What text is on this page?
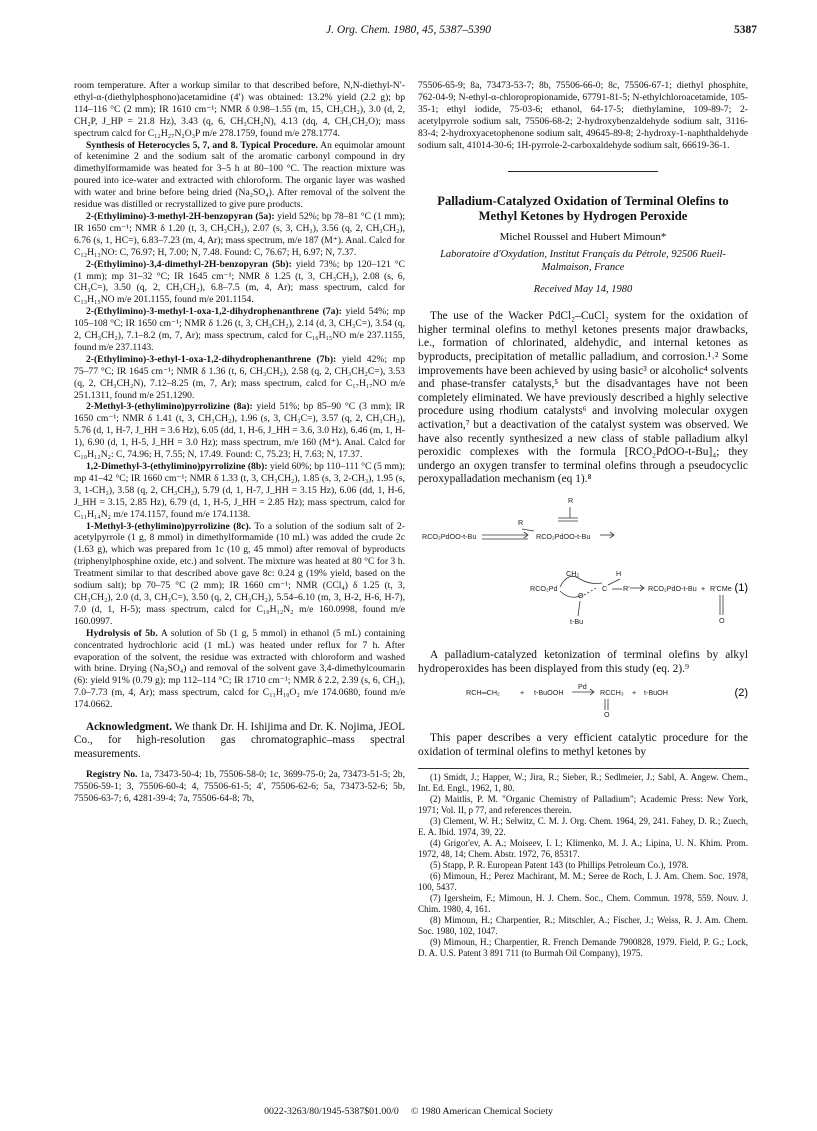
J. Org. Chem. 1980, 45, 5387–5390	5387

room temperature. After a workup similar to that described before, N,N-diethyl-N′-ethyl-α-(diethylphosphono)acetamidine (4′) was obtained: 13.2% yield (2.2 g); bp 114–116 °C (2 mm); IR 1610 cm⁻¹; NMR δ 0.98–1.55 (m, 15, CH₃CH₂), 3.0 (d, 2, CH₂P, J_HP = 21.8 Hz), 3.43 (q, 6, CH₃CH₂N), 4.13 (dq, 4, CH₃CH₂O); mass spectrum calcd for C₁₂H₂₇N₂O₃P m/e 278.1759, found m/e 278.1774.

Synthesis of Heterocycles 5, 7, and 8. Typical Procedure. An equimolar amount of ketenimine 2 and the sodium salt of the aromatic carbonyl compound in dry dimethylformamide was heated for 3–5 h at 80–100 °C. The reaction mixture was poured into ice-water and extracted with chloroform. The organic layer was washed with water and brine before being dried (Na₂SO₄). After removal of the solvent the residue was distilled or recrystallized to give pure products.

2-(Ethylimino)-3-methyl-2H-benzopyran (5a): yield 52%; bp 78–81 °C (1 mm); IR 1650 cm⁻¹; NMR δ 1.20 (t, 3, CH₃CH₂), 2.07 (s, 3, CH₃), 3.56 (q, 2, CH₃CH₂), 6.76 (s, 1, HC=), 6.83–7.23 (m, 4, Ar); mass spectrum, m/e 187 (M⁺). Anal. Calcd for C₁₂H₁₃NO: C, 76.97; H, 7.00; N, 7.48. Found: C, 76.67; H, 6.97; N, 7.37.

2-(Ethylimino)-3,4-dimethyl-2H-benzopyran (5b): yield 73%; bp 120–121 °C (1 mm); mp 31–32 °C; IR 1645 cm⁻¹; NMR δ 1.25 (t, 3, CH₃CH₂), 2.08 (s, 6, CH₃C=), 3.50 (q, 2, CH₃CH₂), 6.8–7.5 (m, 4, Ar); mass spectrum, calcd for C₁₃H₁₅NO m/e 201.1155, found m/e 201.1154.

2-(Ethylimino)-3-methyl-1-oxa-1,2-dihydrophenanthrene (7a): yield 54%; mp 105–108 °C; IR 1650 cm⁻¹; NMR δ 1.26 (t, 3, CH₃CH₂), 2.14 (d, 3, CH₃C=), 3.54 (q, 2, CH₃CH₂), 7.1–8.2 (m, 7, Ar); mass spectrum, calcd for C₁₆H₁₅NO m/e 237.1155, found m/e 237.1143.

2-(Ethylimino)-3-ethyl-1-oxa-1,2-dihydrophenanthrene (7b): yield 42%; mp 75–77 °C; IR 1645 cm⁻¹; NMR δ 1.36 (t, 6, CH₃CH₂), 2.58 (q, 2, CH₃CH₂C=), 3.53 (q, 2, CH₃CH₂N), 7.12–8.25 (m, 7, Ar); mass spectrum, calcd for C₁₇H₁₇NO m/e 251.1311, found m/e 251.1290.

2-Methyl-3-(ethylimino)pyrrolizine (8a): yield 51%; bp 85–90 °C (3 mm); IR 1650 cm⁻¹; NMR δ 1.41 (t, 3, CH₃CH₂), 1.96 (s, 3, CH₃C=), 3.57 (q, 2, CH₃CH₂), 5.76 (d, 1, H-7, J_HH = 3.6 Hz), 6.05 (dd, 1, H-6, J_HH = 3.6, 3.0 Hz), 6.46 (m, 1, H-1), 6.90 (d, 1, H-5, J_HH = 3.0 Hz); mass spectrum, m/e 160 (M⁺). Anal. Calcd for C₁₀H₁₂N₂: C, 74.96; H, 7.55; N, 17.49. Found: C, 75.23; H, 7.63; N, 17.37.

1,2-Dimethyl-3-(ethylimino)pyrrolizine (8b): yield 60%; bp 110–111 °C (5 mm); mp 41–42 °C; IR 1660 cm⁻¹; NMR δ 1.33 (t, 3, CH₃CH₂), 1.85 (s, 3, 2-CH₃), 1.95 (s, 3, 1-CH₃), 3.58 (q, 2, CH₃CH₂), 5.79 (d, 1, H-7, J_HH = 3.15 Hz), 6.06 (dd, 1, H-6, J_HH = 3.15, 2.85 Hz), 6.79 (d, 1, H-5, J_HH = 2.85 Hz); mass spectrum, calcd for C₁₁H₁₄N₂ m/e 174.1157, found m/e 174.1138.

1-Methyl-3-(ethylimino)pyrrolizine (8c). To a solution of the sodium salt of 2-acetylpyrrole (1 g, 8 mmol) in dimethylformamide (10 mL) was added the crude 2c (1.63 g), which was prepared from 1c (10 g, 45 mmol) after removal of byproducts (triphenylphosphine oxide, etc.) and solvent. The mixture was heated at 80 °C for 3 h. Treatment similar to that described above gave 8c: 0.24 g (19% yield, based on the sodium salt); bp 70–75 °C (2 mm); IR 1660 cm⁻¹; NMR (CCl₄) δ 1.25 (t, 3, CH₃CH₂), 2.0 (d, 3, CH₃C=), 3.50 (q, 2, CH₃CH₂), 5.54–6.10 (m, 3, H-2, H-6, H-7), 7.0 (d, 1, H-5); mass spectrum, calcd for C₁₀H₁₂N₂ m/e 160.0998, found m/e 160.0997.

Hydrolysis of 5b. A solution of 5b (1 g, 5 mmol) in ethanol (5 mL) containing concentrated hydrochloric acid (1 mL) was heated under reflux for 7 h. After evaporation of the solvent, the residue was extracted with chloroform and washed with brine. Drying (Na₂SO₄) and removal of the solvent gave 3,4-dimethylcoumarin (6): yield 91% (0.79 g); mp 112–114 °C; IR 1710 cm⁻¹; NMR δ 2.2, 2.39 (s, 6, CH₃), 7.0–7.73 (m, 4, Ar); mass spectrum, calcd for C₁₁H₁₀O₂ m/e 174.0680, found m/e 174.0662.

Acknowledgment. We thank Dr. H. Ishijima and Dr. K. Nojima, JEOL Co., for high-resolution gas chromatographic–mass spectral measurements.

Registry No. 1a, 73473-50-4; 1b, 75506-58-0; 1c, 3699-75-0; 2a, 73473-51-5; 2b, 75506-59-1; 3, 75506-60-4; 4, 75506-61-5; 4′, 75506-62-6; 5a, 73473-52-6; 5b, 75506-63-7; 6, 4281-39-4; 7a, 75506-64-8; 7b,

75506-65-9; 8a, 73473-53-7; 8b, 75506-66-0; 8c, 75506-67-1; diethyl phosphite, 762-04-9; N-ethyl-α-chloropropionamide, 67791-81-5; N-ethylchloroacetamide, 105-35-1; ethyl iodide, 75-03-6; ethanol, 64-17-5; diethylamine, 109-89-7; 2-acetylpyrrole sodium salt, 75506-68-2; 2-hydroxybenzaldehyde sodium salt, 3116-83-4; 2-hydroxyacetophenone sodium salt, 49645-89-8; 2-hydroxy-1-naphthaldehyde sodium salt, 41014-30-6; 1H-pyrrole-2-carboxaldehyde sodium salt, 66619-36-1.

Palladium-Catalyzed Oxidation of Terminal Olefins to Methyl Ketones by Hydrogen Peroxide
Michel Roussel and Hubert Mimoun*
Laboratoire d'Oxydation, Institut Français du Pétrole, 92506 Rueil-Malmaison, France
Received May 14, 1980

The use of the Wacker PdCl₂–CuCl₂ system for the oxidation of higher terminal olefins to methyl ketones presents major drawbacks, i.e., formation of chlorinated, aldehydic, and internal ketones as byproducts, precipitation of metallic palladium, and corrosion.¹˒² Some improvements have been achieved by using basic³ or alcoholic⁴ solvents and phase-transfer catalysts,⁵ but the disadvantages have not been completely eliminated. We have previously described a highly selective procedure using rhodium catalysts⁶ and involving molecular oxygen activation,⁷ but a deactivation of the catalyst system was observed. We have also recently synthesized a new class of stable palladium alkyl peroxidic complexes with the formula [RCO₂PdOO-t-Bu]₄; they undergo an oxygen transfer to terminal olefins through a pseudocyclic peroxypalladation mechanism (eq 1).⁸

R
RCO₂PdOO-t-Bu
R
RCO₂PdOO-t-Bu
CH₂	H
RCO₂Pd
O
C R′
t-Bu
RCO₂PdO-t-Bu + R′CMe
O
(1)

A palladium-catalyzed ketonization of terminal olefins by alkyl hydroperoxides has been displayed from this study (eq. 2).⁹

RCH═CH₂	+ t-BuOOH
Pd
RCCH₃
O
+ t-BuOH	(2)

This paper describes a very efficient catalytic procedure for the oxidation of terminal olefins to methyl ketones by

(1) Smidt, J.; Happer, W.; Jira, R.; Sieber, R.; Sedlmeier, J.; Sabl, A. Angew. Chem., Int. Ed. Engl., 1962, 1, 80.

(2) Maitlis, P. M. "Organic Chemistry of Palladium"; Academic Press: New York, 1971; Vol. II, p 77, and references therein.

(3) Clement, W. H.; Selwitz, C. M. J. Org. Chem. 1964, 29, 241. Fahey, D. R.; Zuech, E. A. Ibid. 1974, 39, 22.

(4) Grigor'ev, A. A.; Moiseev, I. I.; Klimenko, M. J. A.; Lipina, U. N. Khim. Prom. 1972, 48, 14; Chem. Abstr. 1972, 76, 85317.

(5) Stapp, P. R. European Patent 143 (to Phillips Petroleum Co.), 1978.

(6) Mimoun, H.; Perez Machirant, M. M.; Seree de Roch, I. J. Am. Chem. Soc. 1978, 100, 5437.

(7) Igersheim, F.; Mimoun, H. J. Chem. Soc., Chem. Commun. 1978, 559. Nouv. J. Chim. 1980, 4, 161.

(8) Mimoun, H.; Charpentier, R.; Mitschler, A.; Fischer, J.; Weiss, R. J. Am. Chem. Soc. 1980, 102, 1047.

(9) Mimoun, H.; Charpentier, R. French Demande 7900828, 1979. Field, P. G.; Lock, D. A. U.S. Patent 3 891 711 (to Burmah Oil Company), 1975.

0022-3263/80/1945-5387$01.00/0 © 1980 American Chemical Society
